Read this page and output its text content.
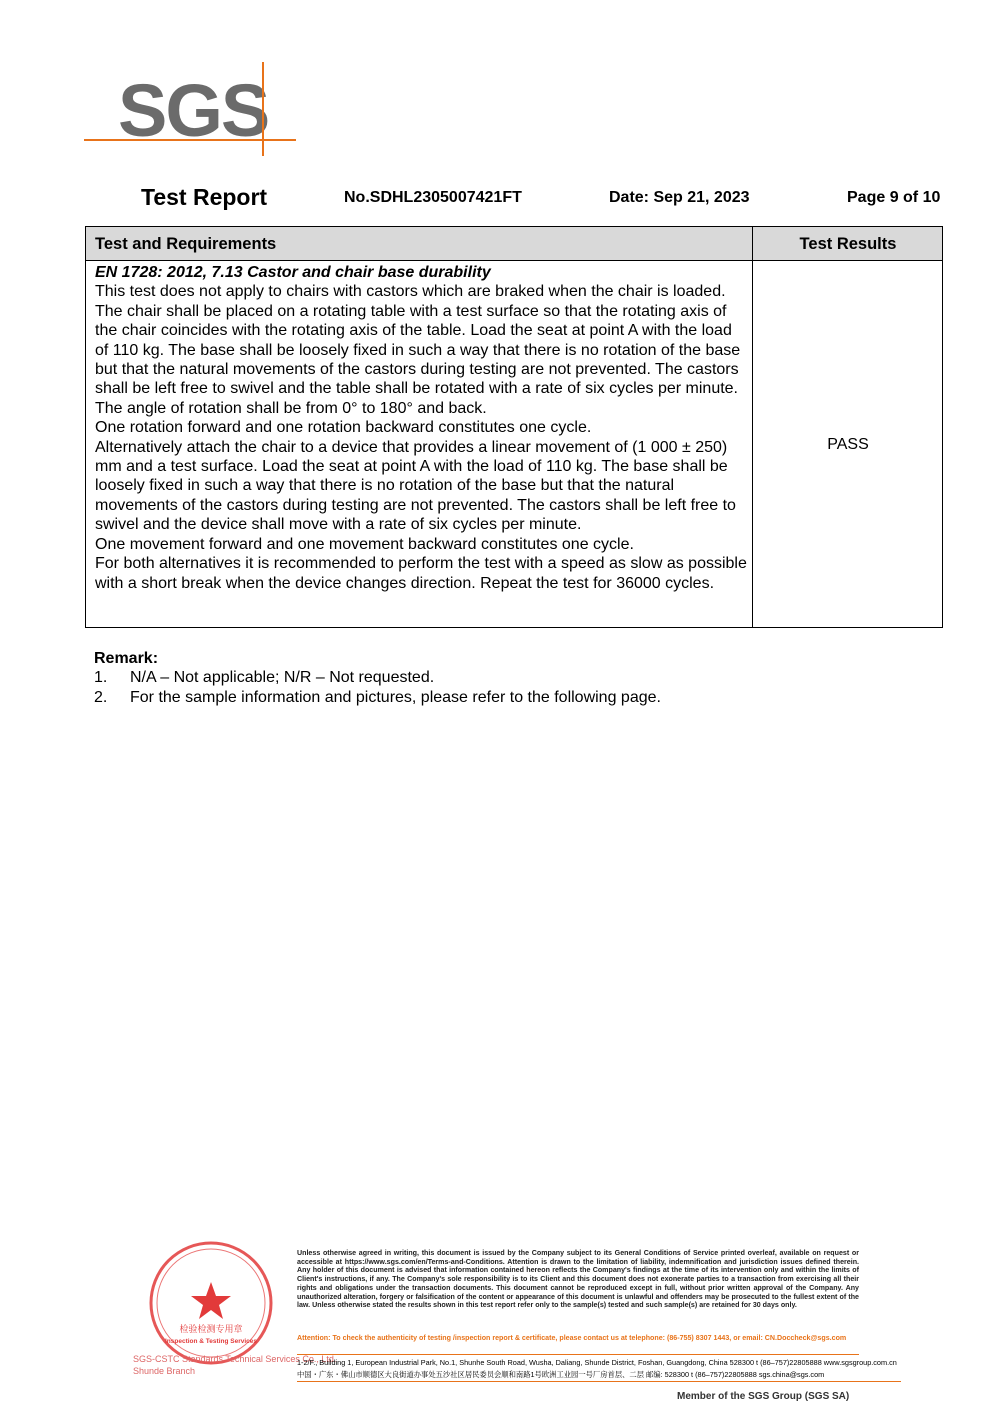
SGS
Test Report	No.SDHL2305007421FT	Date: Sep 21, 2023	Page 9 of 10
Test and Requirements	Test Results
EN 1728: 2012, 7.13 Castor and chair base durability

This test does not apply to chairs with castors which are braked when the chair is loaded.

The chair shall be placed on a rotating table with a test surface so that the rotating axis of the chair coincides with the rotating axis of the table. Load the seat at point A with the load of 110 kg. The base shall be loosely fixed in such a way that there is no rotation of the base but that the natural movements of the castors during testing are not prevented. The castors shall be left free to swivel and the table shall be rotated with a rate of six cycles per minute. The angle of rotation shall be from 0° to 180° and back.

One rotation forward and one rotation backward constitutes one cycle.

Alternatively attach the chair to a device that provides a linear movement of (1 000 ± 250) mm and a test surface. Load the seat at point A with the load of 110 kg. The base shall be loosely fixed in such a way that there is no rotation of the base but that the natural movements of the castors during testing are not prevented. The castors shall be left free to swivel and the device shall move with a rate of six cycles per minute.

One movement forward and one movement backward constitutes one cycle.

For both alternatives it is recommended to perform the test with a speed as slow as possible with a short break when the device changes direction. Repeat the test for 36000 cycles.

PASS
Remark:
1. N/A – Not applicable; N/R – Not requested.
2. For the sample information and pictures, please refer to the following page.
检验检测专用章
Inspection & Testing Services
SGS-CSTC Standards Technical Services Co., Ltd.
Shunde Branch
Unless otherwise agreed in writing, this document is issued by the Company subject to its General Conditions of Service printed overleaf, available on request or accessible at https://www.sgs.com/en/Terms-and-Conditions. Attention is drawn to the limitation of liability, indemnification and jurisdiction issues defined therein. Any holder of this document is advised that information contained hereon reflects the Company's findings at the time of its intervention only and within the limits of Client's instructions, if any. The Company's sole responsibility is to its Client and this document does not exonerate parties to a transaction from exercising all their rights and obligations under the transaction documents. This document cannot be reproduced except in full, without prior written approval of the Company. Any unauthorized alteration, forgery or falsification of the content or appearance of this document is unlawful and offenders may be prosecuted to the fullest extent of the law. Unless otherwise stated the results shown in this test report refer only to the sample(s) tested and such sample(s) are retained for 30 days only.
Attention: To check the authenticity of testing /inspection report & certificate, please contact us at telephone: (86-755) 8307 1443, or email: CN.Doccheck@sgs.com
1-2/F., Building 1, European Industrial Park, No.1, Shunhe South Road, Wusha, Daliang, Shunde District, Foshan, Guangdong, China 528300 t (86–757)22805888 www.sgsgroup.com.cn
中国・广东・佛山市顺德区大良街道办事处五沙社区居民委员会顺和南路1号欧洲工业园一号厂房首层、二层 邮编: 528300 t (86–757)22805888 sgs.china@sgs.com
Member of the SGS Group (SGS SA)
